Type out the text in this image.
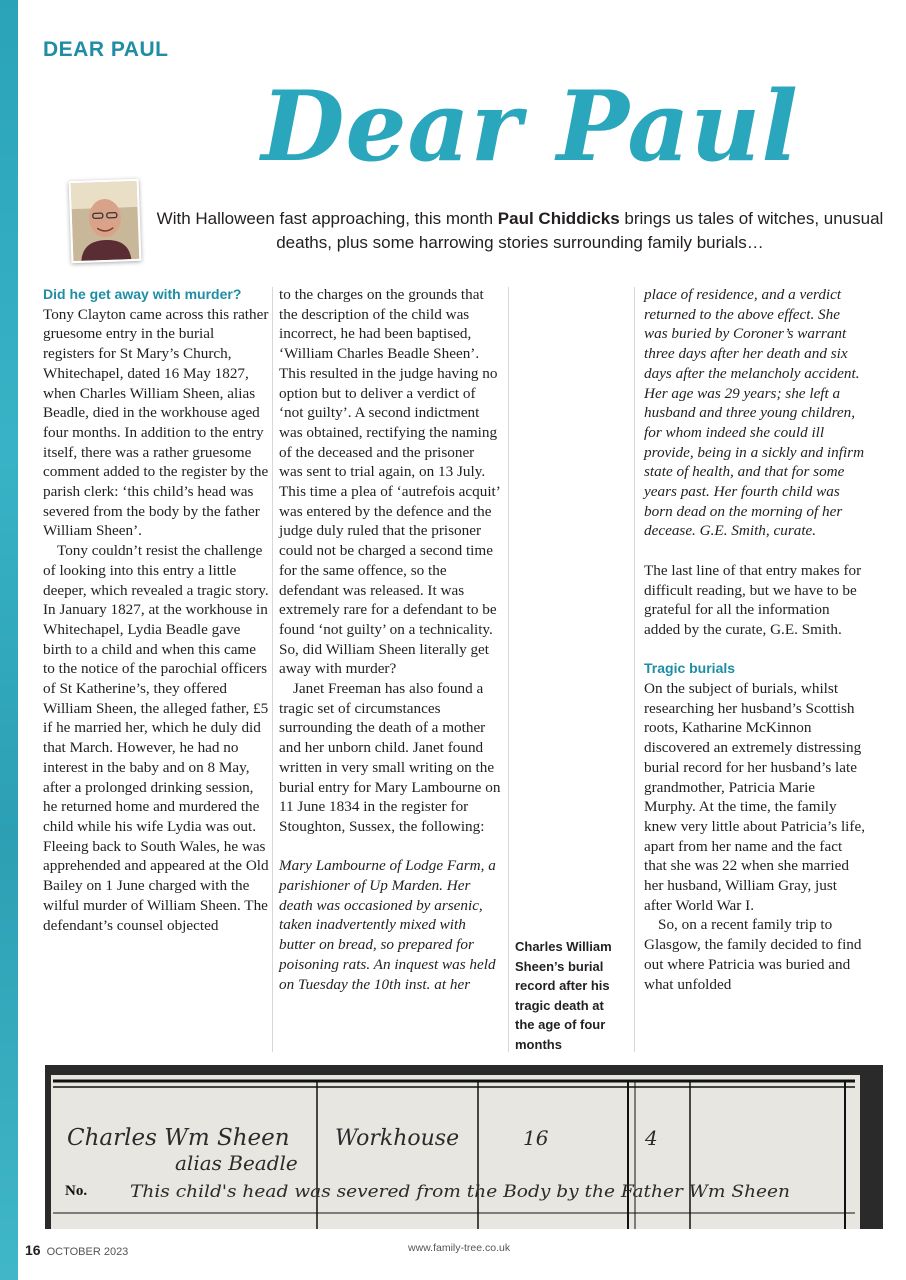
DEAR PAUL
Dear Paul
With Halloween fast approaching, this month Paul Chiddicks brings us tales of witches, unusual deaths, plus some harrowing stories surrounding family burials…
Did he get away with murder?

Tony Clayton came across this rather gruesome entry in the burial registers for St Mary’s Church, Whitechapel, dated 16 May 1827, when Charles William Sheen, alias Beadle, died in the workhouse aged four months. In addition to the entry itself, there was a rather gruesome comment added to the register by the parish clerk: ‘this child’s head was severed from the body by the father William Sheen’.

Tony couldn’t resist the challenge of looking into this entry a little deeper, which revealed a tragic story. In January 1827, at the workhouse in Whitechapel, Lydia Beadle gave birth to a child and when this came to the notice of the parochial officers of St Katherine’s, they offered William Sheen, the alleged father, £5 if he married her, which he duly did that March. However, he had no interest in the baby and on 8 May, after a prolonged drinking session, he returned home and murdered the child while his wife Lydia was out. Fleeing back to South Wales, he was apprehended and appeared at the Old Bailey on 1 June charged with the wilful murder of William Sheen. The defendant’s counsel objected

to the charges on the grounds that the description of the child was incorrect, he had been baptised, ‘William Charles Beadle Sheen’. This resulted in the judge having no option but to deliver a verdict of ‘not guilty’. A second indictment was obtained, rectifying the naming of the deceased and the prisoner was sent to trial again, on 13 July. This time a plea of ‘autrefois acquit’ was entered by the defence and the judge duly ruled that the prisoner could not be charged a second time for the same offence, so the defendant was released. It was extremely rare for a defendant to be found ‘not guilty’ on a technicality. So, did William Sheen literally get away with murder?

Janet Freeman has also found a tragic set of circumstances surrounding the death of a mother and her unborn child. Janet found written in very small writing on the burial entry for Mary Lambourne on 11 June 1834 in the register for Stoughton, Sussex, the following:

Mary Lambourne of Lodge Farm, a parishioner of Up Marden. Her death was occasioned by arsenic, taken inadvertently mixed with butter on bread, so prepared for poisoning rats. An inquest was held on Tuesday the 10th inst. at her

Charles William Sheen’s burial record after his tragic death at the age of four months

place of residence, and a verdict returned to the above effect. She was buried by Coroner’s warrant three days after her death and six days after the melancholy accident. Her age was 29 years; she left a husband and three young children, for whom indeed she could ill provide, being in a sickly and infirm state of health, and that for some years past. Her fourth child was born dead on the morning of her decease. G.E. Smith, curate.

The last line of that entry makes for difficult reading, but we have to be grateful for all the information added by the curate, G.E. Smith.

Tragic burials

On the subject of burials, whilst researching her husband’s Scottish roots, Katharine McKinnon discovered an extremely distressing burial record for her husband’s late grandmother, Patricia Marie Murphy. At the time, the family knew very little about Patricia’s life, apart from her name and the fact that she was 22 when she married her husband, William Gray, just after World War I.

So, on a recent family trip to Glasgow, the family decided to find out where Patricia was buried and what unfolded

Charles Wm Sheen
alias Beadle
Workhouse	16	4
No.	This child's head was severed from the Body by the Father Wm Sheen
16 OCTOBER 2023	www.family-tree.co.uk
